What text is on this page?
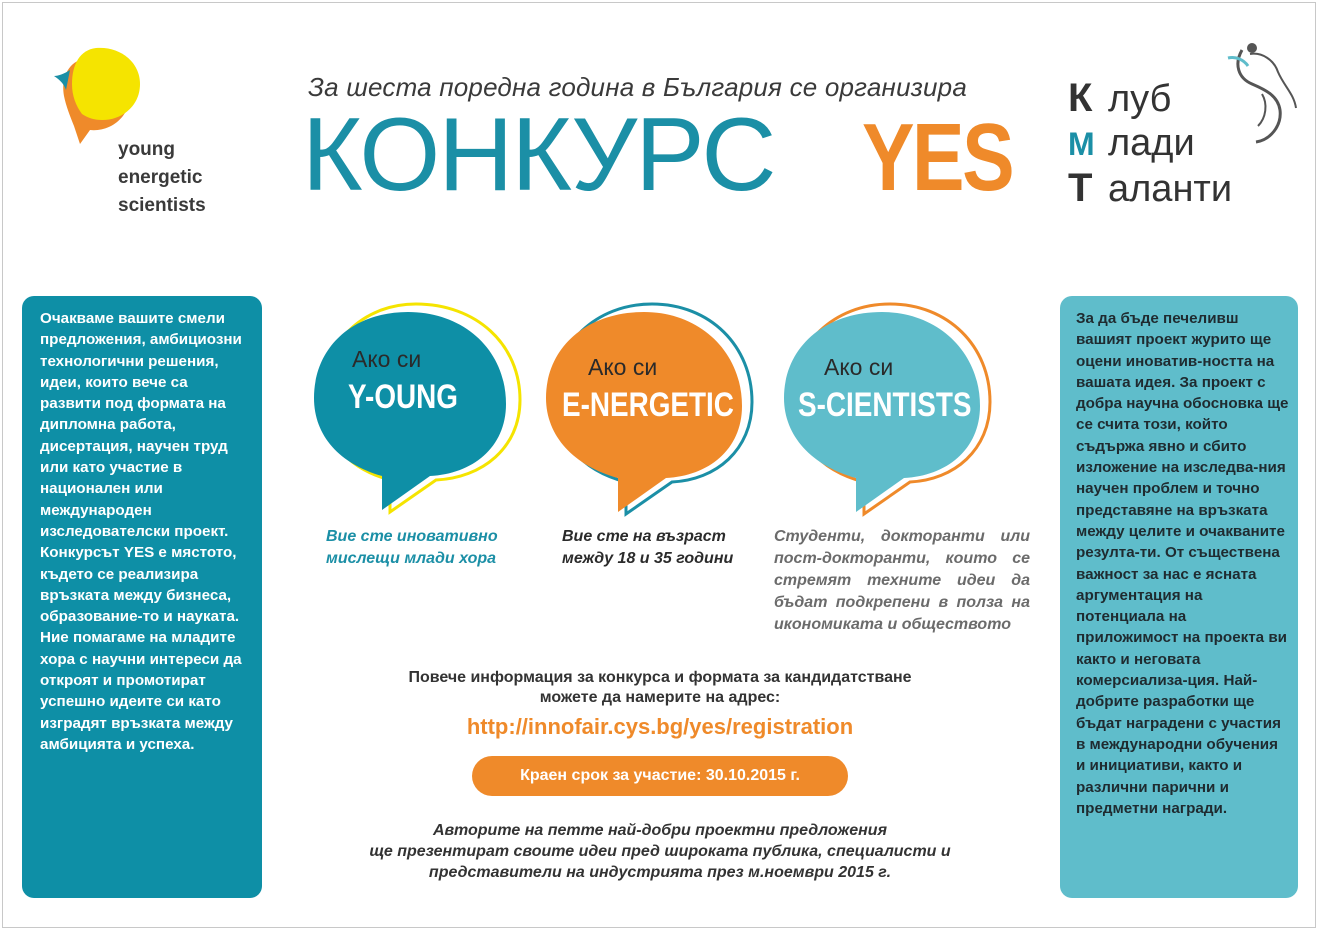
young
energetic
scientists
За шеста поредна година в България се организира
КОНКУРС YES
К луб
М лади
Т аланти

Очакваме вашите смели предложения, амбициозни технологични решения, идеи, които вече са развити под формата на дипломна работа, дисертация, научен труд или като участие в национален или международен изследователски проект. Конкурсът YES е мястото, където се реализира връзката между бизнеса, образование-то и науката. Ние помагаме на младите хора с научни интереси да откроят и промотират успешно идеите си като изградят връзката между амбицията и успеха.

За да бъде печеливш вашият проект журито ще оцени иноватив-ността на вашата идея. За проект с добра научна обосновка ще се счита този, който съдържа явно и сбито изложение на изследва-ния научен проблем и точно представяне на връзката между целите и очакваните резулта-ти. От съществена важност за нас е ясната аргументация на потенциала на приложимост на проекта ви както и неговата комерсиализа-ция. Най-добрите разработки ще бъдат наградени с участия в международни обучения и инициативи, както и различни парични и предметни награди.

Ако си
Y-OUNG
Ако си
E-NERGETIC
Ако си
S-CIENTISTS
Вие сте иновативно мислещи млади хора
Вие сте на възраст между 18 и 35 години
Студенти, докторанти или пост-докторанти, които се стремят техните идеи да бъдат подкрепени в полза на икономиката и обществото
Повече информация за конкурса и формата за кандидатстване
можете да намерите на адрес:
http://innofair.cys.bg/yes/registration
Краен срок за участие: 30.10.2015 г.
Авторите на петте най-добри проектни предложения
ще презентират своите идеи пред широката публика, специалисти и
представители на индустрията през м.ноември 2015 г.
